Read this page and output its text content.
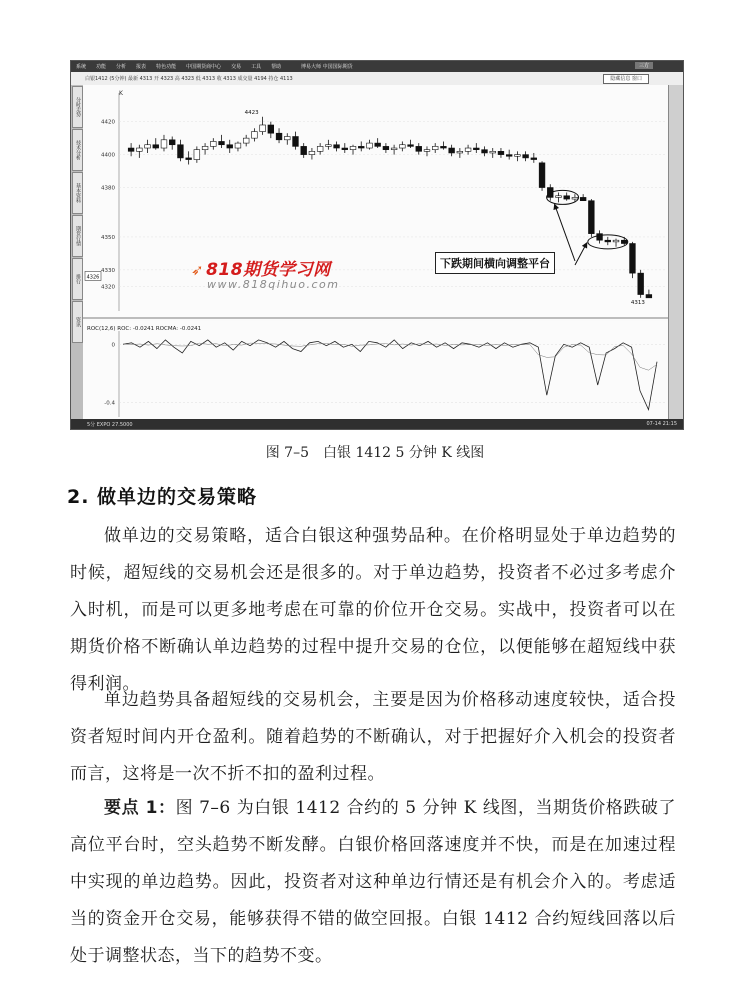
系统	功能	分析	报表	特色功能	中国期货商中心	交易	工具	帮助	博易大师 中国国际期货	三方
白银1412 (5分钟) 最新 4313 开 4323 高 4323 低 4313 收 4313 成交量 4194 持仓 4113	隐藏信息 窗口
分时走势
技术分析
基本资料
期货行情
排行
资讯
K
4420
4400
4380
4350
4330
4320
4326
4423
4313
ROC(12,6) ROC: -0.0241 ROCMA: -0.0241
0
-0.4
➶ 818期货学习网
www.818qihuo.com
下跌期间横向调整平台
5分 EXPO 27.5000	07-14 21:15
图 7–5　白银 1412 5 分钟 K 线图
2. 做单边的交易策略

做单边的交易策略，适合白银这种强势品种。在价格明显处于单边趋势的时候，超短线的交易机会还是很多的。对于单边趋势，投资者不必过多考虑介入时机，而是可以更多地考虑在可靠的价位开仓交易。实战中，投资者可以在期货价格不断确认单边趋势的过程中提升交易的仓位，以便能够在超短线中获得利润。

单边趋势具备超短线的交易机会，主要是因为价格移动速度较快，适合投资者短时间内开仓盈利。随着趋势的不断确认，对于把握好介入机会的投资者而言，这将是一次不折不扣的盈利过程。

要点 1：图 7–6 为白银 1412 合约的 5 分钟 K 线图，当期货价格跌破了高位平台时，空头趋势不断发酵。白银价格回落速度并不快，而是在加速过程中实现的单边趋势。因此，投资者对这种单边行情还是有机会介入的。考虑适当的资金开仓交易，能够获得不错的做空回报。白银 1412 合约短线回落以后处于调整状态，当下的趋势不变。
